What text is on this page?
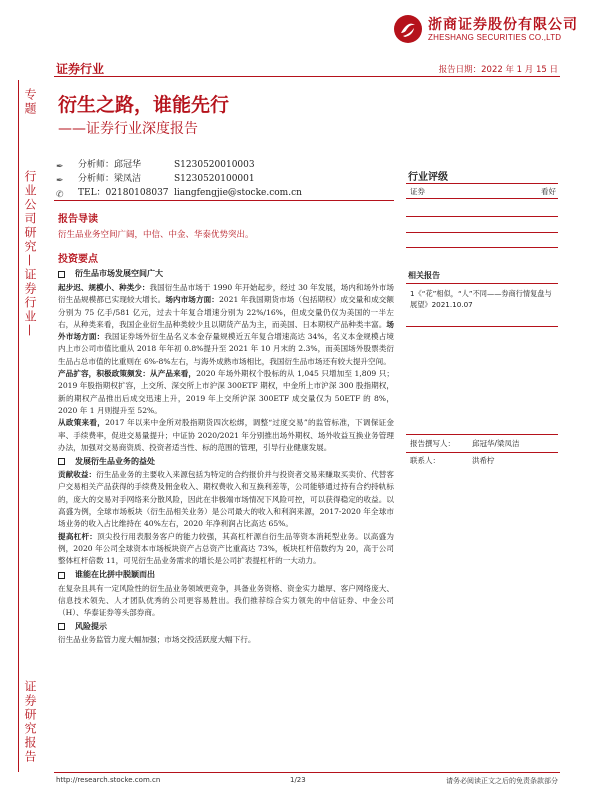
浙商证券股份有限公司
ZHESHANG SECURITIES CO.,LTD
证券行业	报告日期：2022 年 1 月 15 日
专题
行业公司研究—证券行业—
证券研究报告
衍生之路，谁能先行
——证券行业深度报告
✒ 分析师：邱冠华	S1230520010003
✒ 分析师：梁凤洁	S1230520100001
✆ TEL：02180108037 liangfengjie@stocke.com.cn
报告导读
衍生品业务空间广阔，中信、中金、华泰优势突出。
投资要点
衍生品市场发展空间广大

起步迟、规模小、种类少：我国衍生品市场于 1990 年开始起步，经过 30 年发展，场内和场外市场衍生品规模都已实现较大增长。场内市场方面：2021 年我国期货市场（包括期权）成交量和成交额分别为 75 亿手/581 亿元，过去十年复合增速分别为 22%/16%，但成交量仍仅为美国的一半左右，从种类来看，我国企业衍生品种类较少且以期货产品为主，而美国、日本期权产品种类丰富。场外市场方面：我国证券场外衍生品名义本金存量规模近五年复合增速高达 34%，名义本金规模占境内上市公司市值比重从 2018 年年初 0.8%提升至 2021 年 10 月末的 2.3%，而美国场外股票类衍生品占总市值的比重则在 6%-8%左右，与海外成熟市场相比，我国衍生品市场还有较大提升空间。

产品扩容，积极政策频发：从产品来看，2020 年场外期权个股标的从 1,045 只增加至 1,809 只；2019 年股指期权扩容，上交所、深交所上市沪深 300ETF 期权，中金所上市沪深 300 股指期权，新的期权产品推出后成交迅速上升，2019 年上交所沪深 300ETF 成交量仅为 50ETF 的 8%，2020 年 1 月则提升至 52%。

从政策来看，2017 年以来中金所对股指期货四次松绑，调整“过度交易”的监管标准，下调保证金率、手续费率，促进交易量提升；中证协 2020/2021 年分别推出场外期权、场外收益互换业务管理办法，加强对交易商资质、投资者适当性、标的范围的管理，引导行业健康发展。

发展衍生品业务的益处

贡献收益：衍生品业务的主要收入来源包括为特定的合约报价并与投资者交易来赚取买卖价、代替客户交易相关产品获得的手续费及佣金收入、期权费收入和互换利差等，公司能够通过持有合约持轨标的，庞大的交易对手网络来分散风险，因此在非极端市场情况下风险可控，可以获得稳定的收益。以高盛为例，全球市场板块（衍生品相关业务）是公司最大的收入和利润来源，2017-2020 年全球市场业务的收入占比维持在 40%左右，2020 年净利润占比高达 65%。

提高杠杆：顶尖投行用表服务客户的能力较强，其高杠杆源自衍生品等资本消耗型业务。以高盛为例，2020 年公司全球资本市场板块资产占总资产比重高达 73%，板块杠杆倍数约为 20，高于公司整体杠杆倍数 11，可见衍生品业务需求的增长是公司扩表提杠杆的一大动力。

谁能在比拼中脱颖而出

在复杂且具有一定风险性的衍生品业务领域更竞争，具备业务资格、资金实力雄厚、客户网络庞大、信息技术领先、人才团队优秀的公司更容易胜出。我们推荐综合实力领先的中信证券、中金公司（H）、华泰证券等头部券商。

风险提示

衍生品业务监管力度大幅加强；市场交投活跃度大幅下行。

行业评级
证券	看好
相关报告
1《“花”相似，“人”不同——券商行情复盘与展望》2021.10.07
报告撰写人： 邱冠华/梁凤洁
联系人：	洪希柠
http://research.stocke.com.cn	1/23	请务必阅读正文之后的免责条款部分
